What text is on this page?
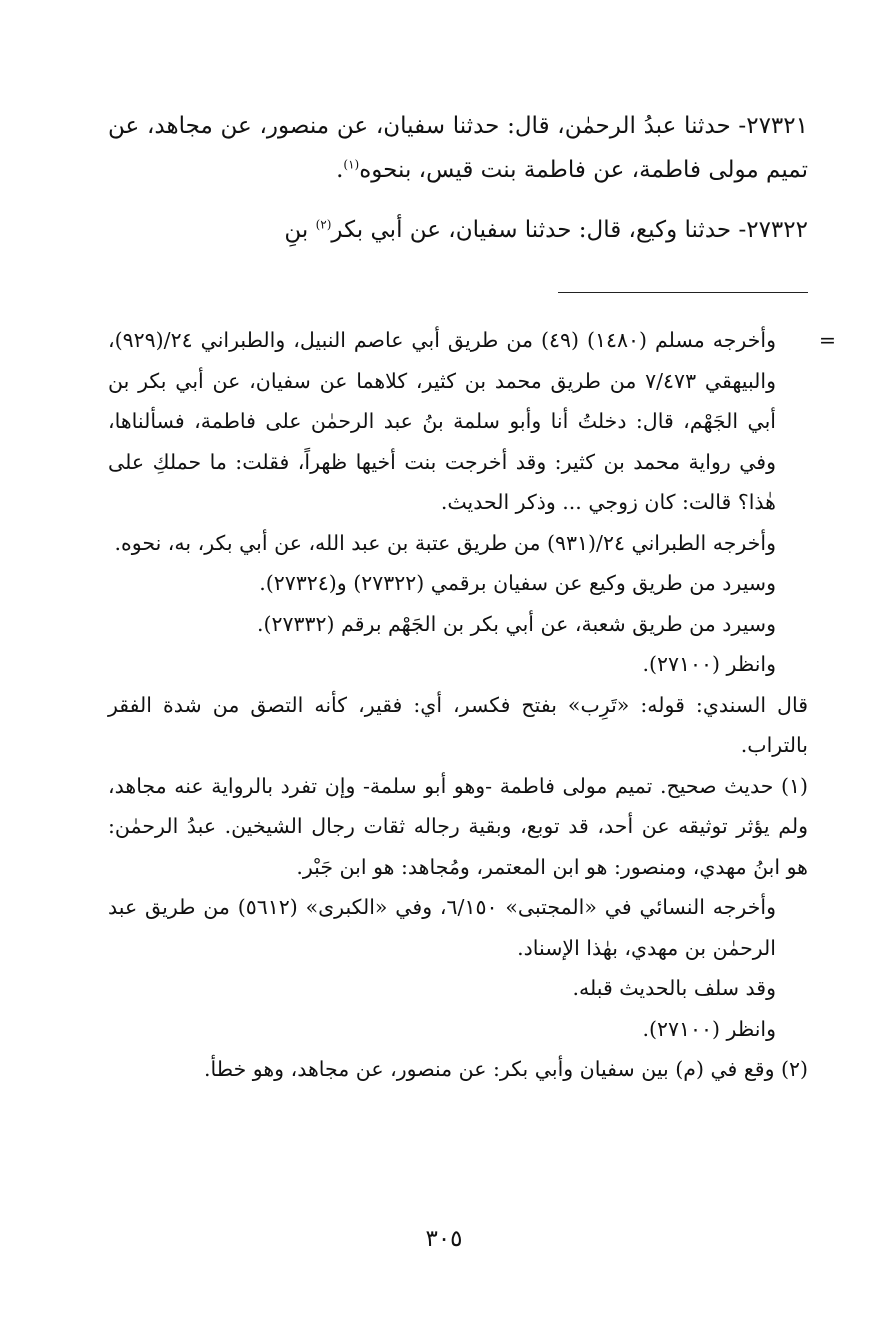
٢٧٣٢١- حدثنا عبدُ الرحمٰن، قال: حدثنا سفيان، عن منصور، عن مجاهد، عن تميم مولى فاطمة، عن فاطمة بنت قيس، بنحوه$^{(١)}$.

٢٧٣٢٢- حدثنا وكيع، قال: حدثنا سفيان، عن أبي بكر$^{(٢)}$ بنِ

=
وأخرجه مسلم (١٤٨٠) (٤٩) من طريق أبي عاصم النبيل، والطبراني ٢٤/(٩٢٩)، والبيهقي ٧/٤٧٣ من طريق محمد بن كثير، كلاهما عن سفيان، عن أبي بكر بن أبي الجَهْم، قال: دخلتُ أنا وأبو سلمة بنُ عبد الرحمٰن على فاطمة، فسألناها، وفي رواية محمد بن كثير: وقد أخرجت بنت أخيها ظهراً، فقلت: ما حملكِ على هٰذا؟ قالت: كان زوجي ... وذكر الحديث.

وأخرجه الطبراني ٢٤/(٩٣١) من طريق عتبة بن عبد الله، عن أبي بكر، به، نحوه.

وسيرد من طريق وكيع عن سفيان برقمي (٢٧٣٢٢) و(٢٧٣٢٤).

وسيرد من طريق شعبة، عن أبي بكر بن الجَهْم برقم (٢٧٣٣٢).

وانظر (٢٧١٠٠).

قال السندي: قوله: «تَرِب» بفتح فكسر، أي: فقير، كأنه التصق من شدة الفقر بالتراب.

(١) حديث صحيح. تميم مولى فاطمة -وهو أبو سلمة- وإن تفرد بالرواية عنه مجاهد، ولم يؤثر توثيقه عن أحد، قد توبع، وبقية رجاله ثقات رجال الشيخين. عبدُ الرحمٰن: هو ابنُ مهدي، ومنصور: هو ابن المعتمر، ومُجاهد: هو ابن جَبْر.

وأخرجه النسائي في «المجتبى» ٦/١٥٠، وفي «الكبرى» (٥٦١٢) من طريق عبد الرحمٰن بن مهدي، بهٰذا الإسناد.

وقد سلف بالحديث قبله.

وانظر (٢٧١٠٠).

(٢) وقع في (م) بين سفيان وأبي بكر: عن منصور، عن مجاهد، وهو خطأ.

٣٠٥
